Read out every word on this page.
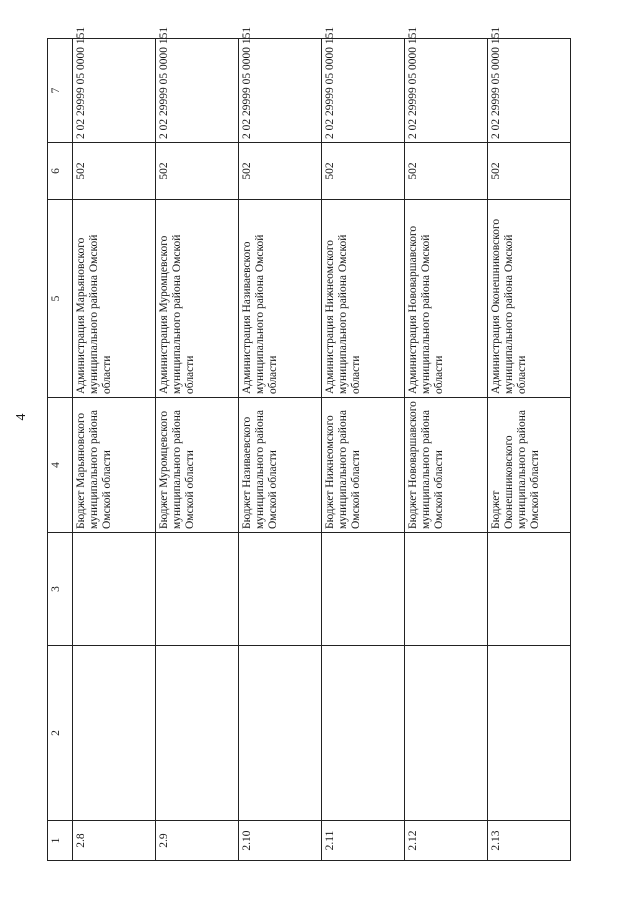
4
1	2	3	4	5	6	7
2.8			Бюджет Марьяновского муниципального района Омской области	Администрация Марьяновского муниципального района Омской области	502	2 02 29999 05 0000 151
2.9			Бюджет Муромцевского муниципального района Омской области	Администрация Муромцевского муниципального района Омской области	502	2 02 29999 05 0000 151
2.10			Бюджет Називаевского муниципального района Омской области	Администрация Називаевского муниципального района Омской области	502	2 02 29999 05 0000 151
2.11			Бюджет Нижнеомского муниципального района Омской области	Администрация Нижнеомского муниципального района Омской области	502	2 02 29999 05 0000 151
2.12			Бюджет Нововаршавского муниципального района Омской области	Администрация Нововаршавского муниципального района Омской области	502	2 02 29999 05 0000 151
2.13			Бюджет Оконешниковского муниципального района Омской области	Администрация Оконешниковского муниципального района Омской области	502	2 02 29999 05 0000 151
